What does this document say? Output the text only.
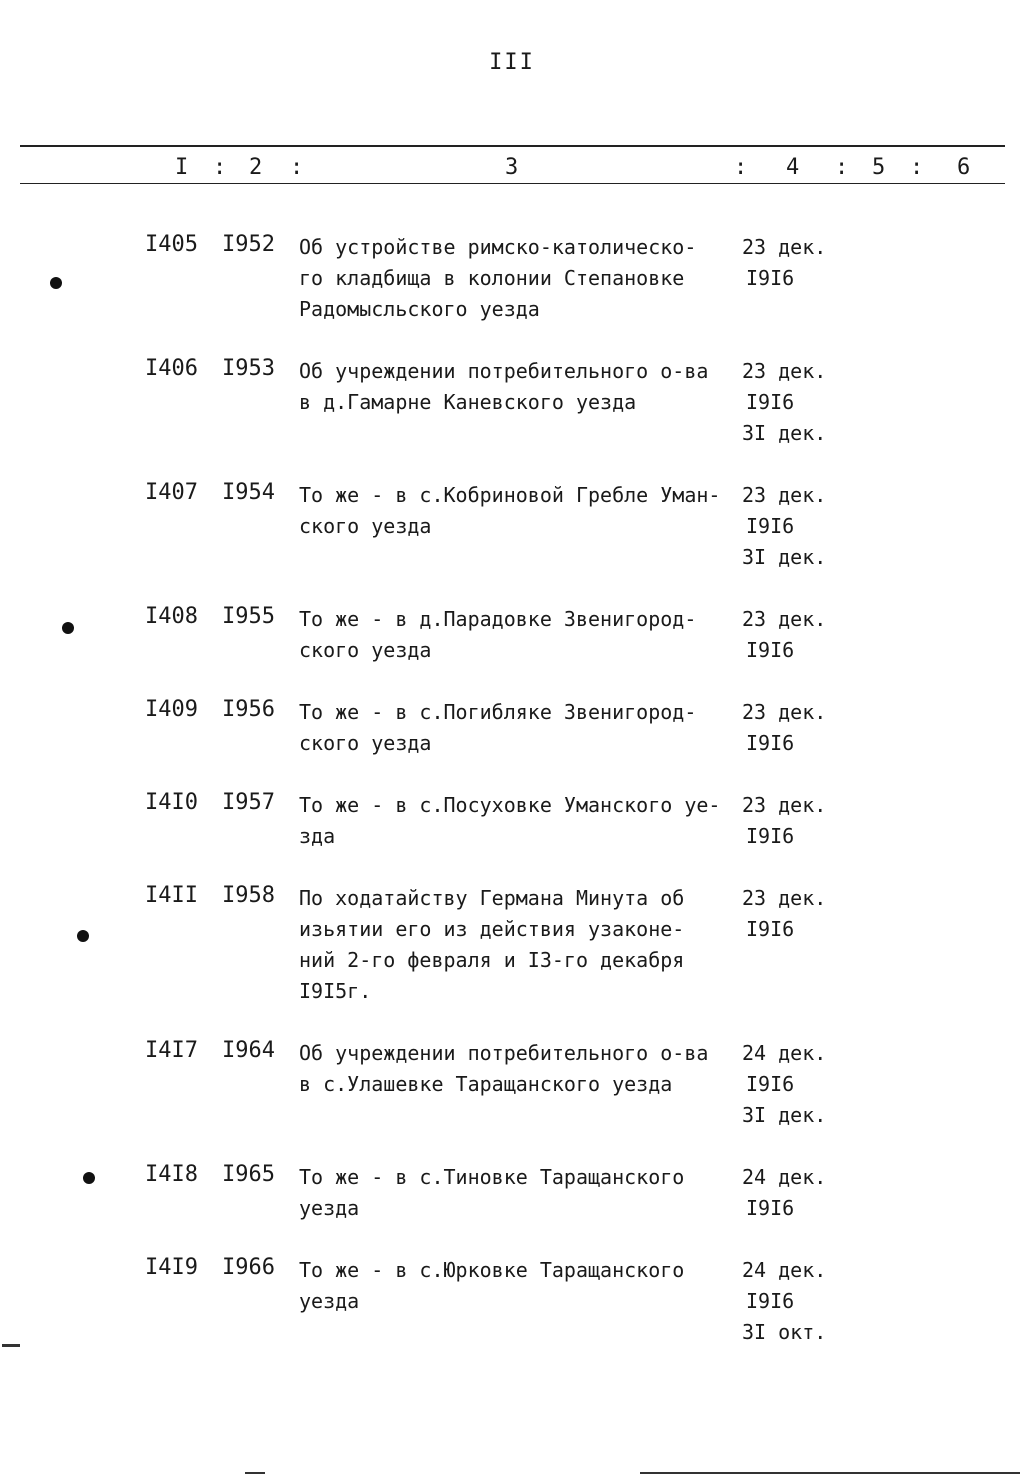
III
I : 2 :	3	: 4 : 5 : 6
I405 I952 Об устройстве римско-католическо-
го кладбища в колонии Степановке
Радомысльского уезда
23 дек.
I9I6
I406 I953 Об учреждении потребительного о-ва
в д.Гамарне Каневского уезда
23 дек.
I9I6
3I дек.
I407 I954 То же - в с.Кобриновой Гребле Уман-
ского уезда
23 дек.
I9I6
3I дек.
I408 I955 То же - в д.Парадовке Звенигород-
ского уезда
23 дек.
I9I6
I409 I956 То же - в с.Погибляке Звенигород-
ского уезда
23 дек.
I9I6
I4I0 I957 То же - в с.Посуховке Уманского уе-
зда
23 дек.
I9I6
I4II I958 По ходатайству Германа Минута об
изьятии его из действия узаконе-
ний 2-го февраля и I3-го декабря
I9I5г.
23 дек.
I9I6
I4I7 I964 Об учреждении потребительного о-ва
в с.Улашевке Таращанского уезда
24 дек.
I9I6
3I дек.
I4I8 I965 То же - в с.Тиновке Таращанского
уезда
24 дек.
I9I6
I4I9 I966 То же - в с.Юрковке Таращанского
уезда
24 дек.
I9I6
3I окт.
